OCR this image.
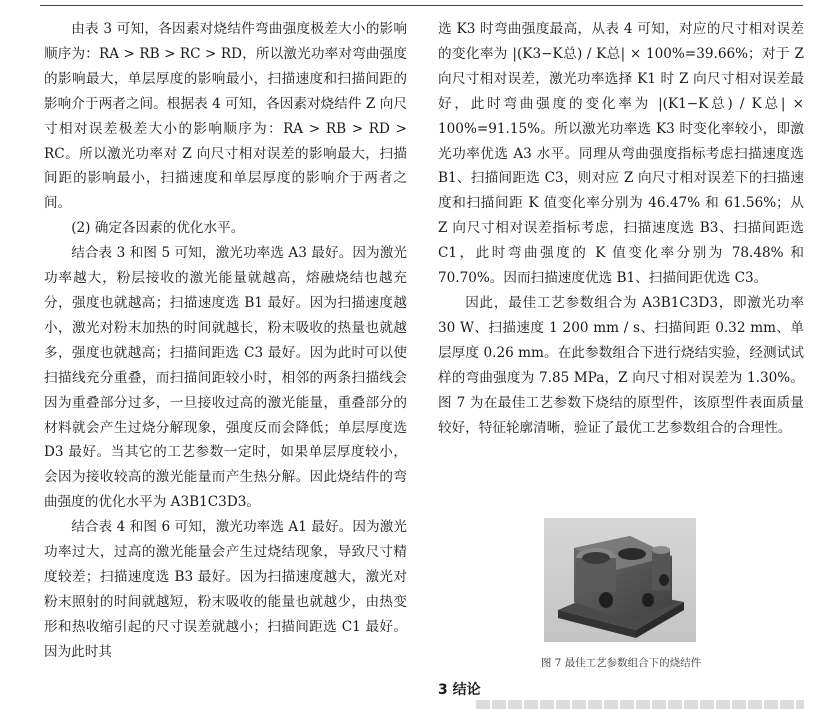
由表 3 可知，各因素对烧结件弯曲强度极差大小的影响顺序为：RA > RB > RC > RD，所以激光功率对弯曲强度的影响最大，单层厚度的影响最小，扫描速度和扫描间距的影响介于两者之间。根据表 4 可知，各因素对烧结件 Z 向尺寸相对误差极差大小的影响顺序为：RA > RB > RD > RC。所以激光功率对 Z 向尺寸相对误差的影响最大，扫描间距的影响最小，扫描速度和单层厚度的影响介于两者之间。

(2) 确定各因素的优化水平。

结合表 3 和图 5 可知，激光功率选 A3 最好。因为激光功率越大，粉层接收的激光能量就越高，熔融烧结也越充分，强度也就越高；扫描速度选 B1 最好。因为扫描速度越小，激光对粉末加热的时间就越长，粉末吸收的热量也就越多，强度也就越高；扫描间距选 C3 最好。因为此时可以使扫描线充分重叠，而扫描间距较小时，相邻的两条扫描线会因为重叠部分过多，一旦接收过高的激光能量，重叠部分的材料就会产生过烧分解现象，强度反而会降低；单层厚度选 D3 最好。当其它的工艺参数一定时，如果单层厚度较小，会因为接收较高的激光能量而产生热分解。因此烧结件的弯曲强度的优化水平为 A3B1C3D3。

结合表 4 和图 6 可知，激光功率选 A1 最好。因为激光功率过大，过高的激光能量会产生过烧结现象，导致尺寸精度较差；扫描速度选 B3 最好。因为扫描速度越大，激光对粉末照射的时间就越短，粉末吸收的能量也就越少，由热变形和热收缩引起的尺寸误差就越小；扫描间距选 C1 最好。因为此时其

选 K3 时弯曲强度最高，从表 4 可知，对应的尺寸相对误差的变化率为 |(K3−K总) / K总| × 100%=39.66%；对于 Z 向尺寸相对误差，激光功率选择 K1 时 Z 向尺寸相对误差最好，此时弯曲强度的变化率为 |(K1−K总) / K总| × 100%=91.15%。所以激光功率选 K3 时变化率较小，即激光功率优选 A3 水平。同理从弯曲强度指标考虑扫描速度选 B1、扫描间距选 C3，则对应 Z 向尺寸相对误差下的扫描速度和扫描间距 K 值变化率分别为 46.47% 和 61.56%；从 Z 向尺寸相对误差指标考虑，扫描速度选 B3、扫描间距选 C1，此时弯曲强度的 K 值变化率分别为 78.48% 和 70.70%。因而扫描速度优选 B1、扫描间距优选 C3。

因此，最佳工艺参数组合为 A3B1C3D3，即激光功率 30 W、扫描速度 1 200 mm / s、扫描间距 0.32 mm、单层厚度 0.26 mm。在此参数组合下进行烧结实验，经测试试样的弯曲强度为 7.85 MPa，Z 向尺寸相对误差为 1.30%。图 7 为在最佳工艺参数下烧结的原型件，该原型件表面质量较好，特征轮廓清晰，验证了最优工艺参数组合的合理性。

图 7 最佳工艺参数组合下的烧结件
3 结论
